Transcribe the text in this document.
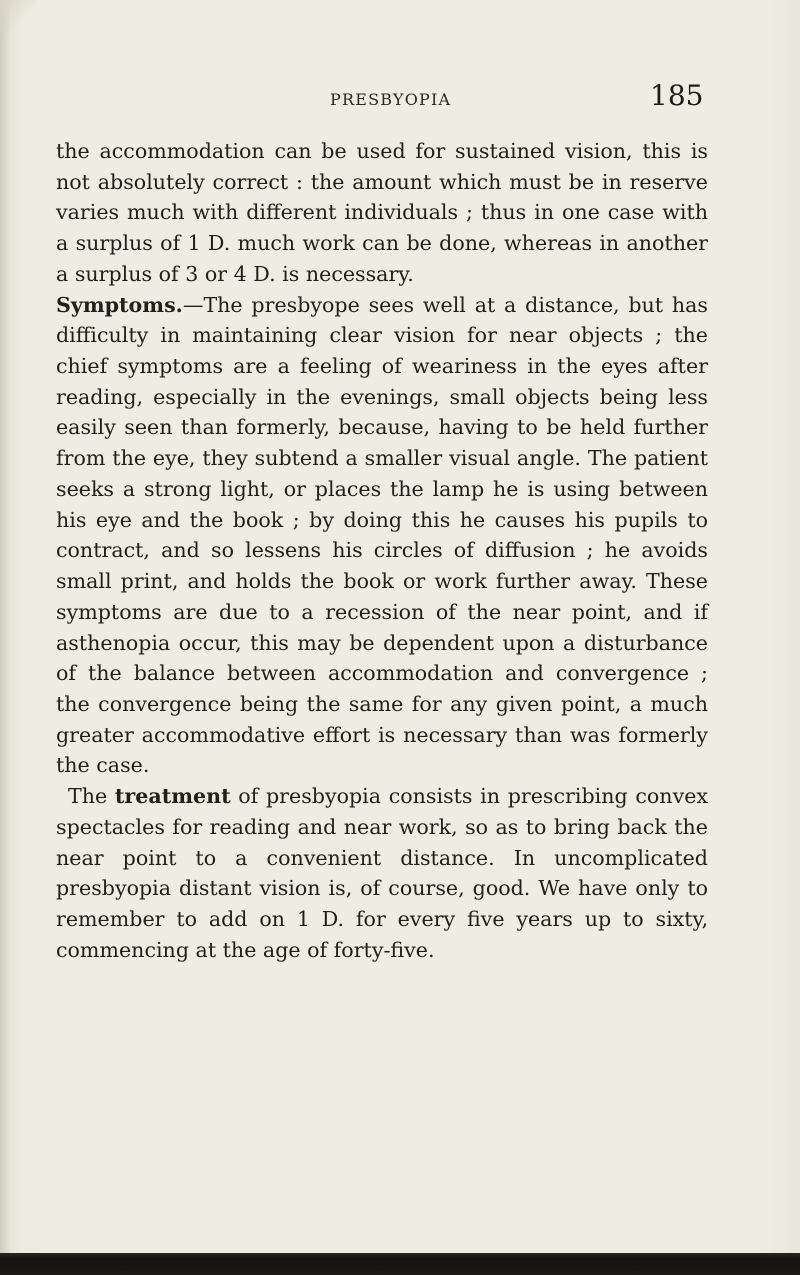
PRESBYOPIA	185

the accommodation can be used for sustained vision, this is not absolutely correct : the amount which must be in reserve varies much with different individuals ; thus in one case with a surplus of 1 D. much work can be done, whereas in another a surplus of 3 or 4 D. is necessary.

Symptoms.—The presbyope sees well at a distance, but has difficulty in maintaining clear vision for near objects ; the chief symptoms are a feeling of weariness in the eyes after reading, especially in the evenings, small objects being less easily seen than formerly, because, having to be held further from the eye, they subtend a smaller visual angle. The patient seeks a strong light, or places the lamp he is using between his eye and the book ; by doing this he causes his pupils to contract, and so lessens his circles of diffusion ; he avoids small print, and holds the book or work further away. These symptoms are due to a recession of the near point, and if asthenopia occur, this may be dependent upon a disturbance of the balance between accommodation and convergence ; the convergence being the same for any given point, a much greater accommodative effort is necessary than was formerly the case.

The treatment of presbyopia consists in prescribing convex spectacles for reading and near work, so as to bring back the near point to a convenient distance. In uncomplicated presbyopia distant vision is, of course, good. We have only to remember to add on 1 D. for every five years up to sixty, commencing at the age of forty-five.
